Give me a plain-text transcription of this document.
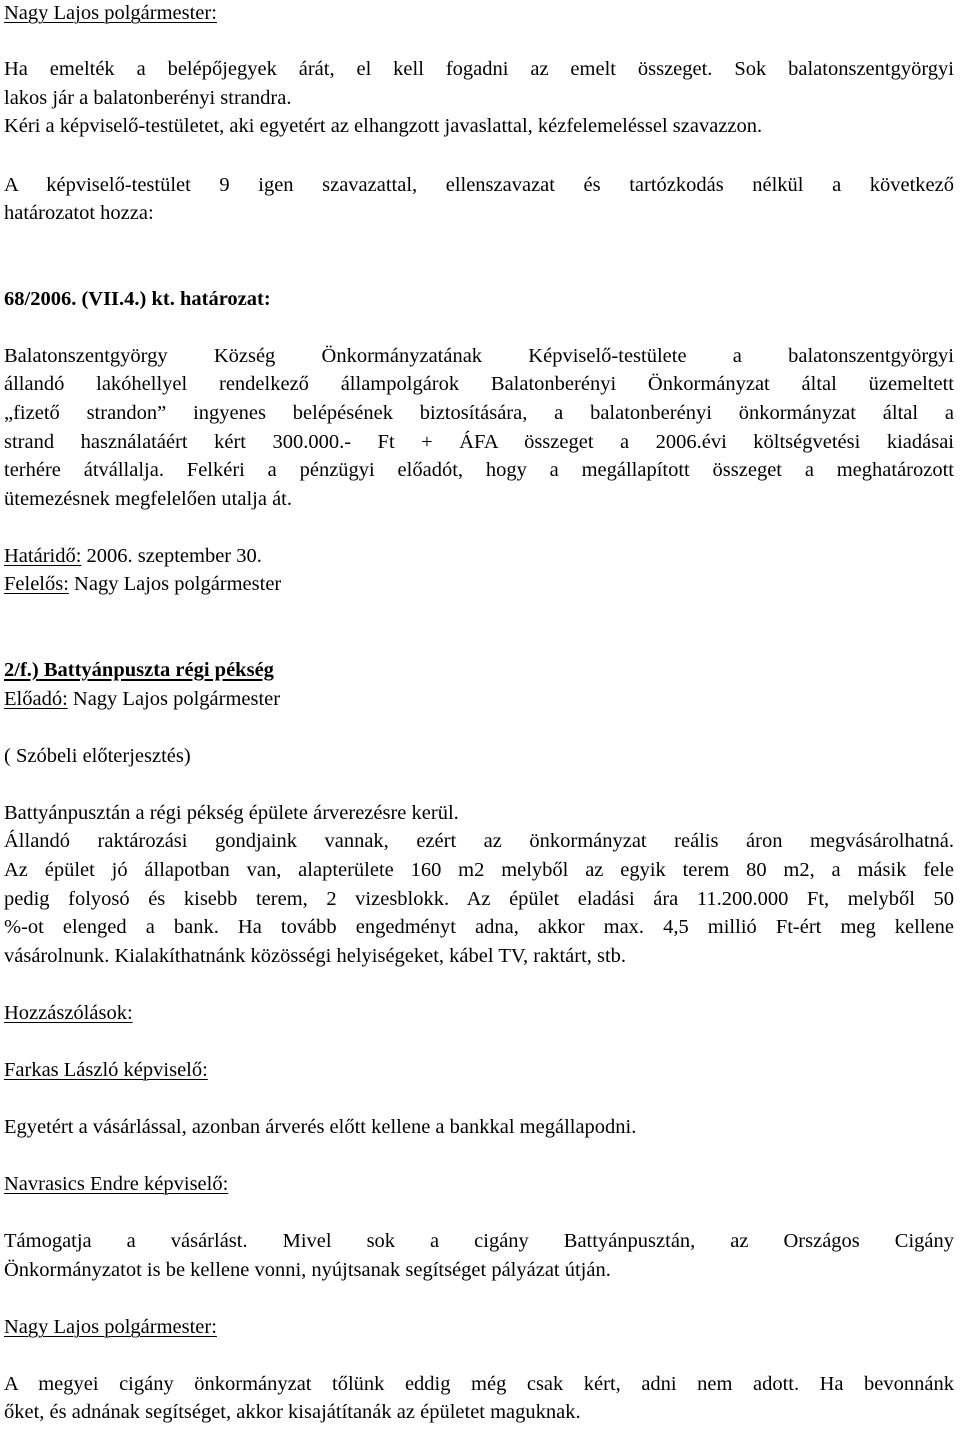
Nagy Lajos polgármester:

Ha emelték a belépőjegyek árát, el kell fogadni az emelt összeget. Sok balatonszentgyörgyi

lakos jár a balatonberényi strandra.

Kéri a képviselő-testületet, aki egyetért az elhangzott javaslattal, kézfelemeléssel szavazzon.

A képviselő-testület 9 igen szavazattal, ellenszavazat és tartózkodás nélkül a következő

határozatot hozza:

68/2006. (VII.4.) kt. határozat:

Balatonszentgyörgy Község Önkormányzatának Képviselő-testülete a balatonszentgyörgyi

állandó lakóhellyel rendelkező állampolgárok Balatonberényi Önkormányzat által üzemeltett

„fizető strandon” ingyenes belépésének biztosítására, a balatonberényi önkormányzat által a

strand használatáért kért 300.000.- Ft + ÁFA összeget a 2006.évi költségvetési kiadásai

terhére átvállalja. Felkéri a pénzügyi előadót, hogy a megállapított összeget a meghatározott

ütemezésnek megfelelően utalja át.

Határidő: 2006. szeptember 30.

Felelős: Nagy Lajos polgármester

2/f.) Battyánpuszta régi pékség

Előadó: Nagy Lajos polgármester

( Szóbeli előterjesztés)

Battyánpusztán a régi pékség épülete árverezésre kerül.

Állandó raktározási gondjaink vannak, ezért az önkormányzat reális áron megvásárolhatná.

Az épület jó állapotban van, alapterülete 160 m2 melyből az egyik terem 80 m2, a másik fele

pedig folyosó és kisebb terem, 2 vizesblokk. Az épület eladási ára 11.200.000 Ft, melyből 50

%-ot elenged a bank. Ha tovább engedményt adna, akkor max. 4,5 millió Ft-ért meg kellene

vásárolnunk. Kialakíthatnánk közösségi helyiségeket, kábel TV, raktárt, stb.

Hozzászólások:

Farkas László képviselő:

Egyetért a vásárlással, azonban árverés előtt kellene a bankkal megállapodni.

Navrasics Endre képviselő:

Támogatja a vásárlást. Mivel sok a cigány Battyánpusztán, az Országos Cigány

Önkormányzatot is be kellene vonni, nyújtsanak segítséget pályázat útján.

Nagy Lajos polgármester:

A megyei cigány önkormányzat tőlünk eddig még csak kért, adni nem adott. Ha bevonnánk

őket, és adnának segítséget, akkor kisajátítanák az épületet maguknak.
